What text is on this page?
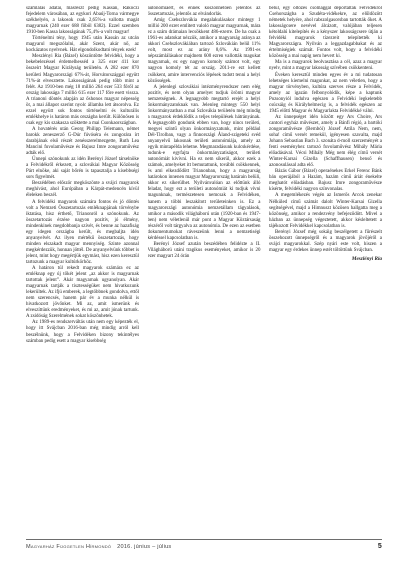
számlálás adatai, másrészt pedig Kassán, Rákóczi fejedelem városában, az egykori Abaúj-Torna vármegye székhelyén, a lakosok csak 2,65%-a vallotta magát magyarnak (240 ezer 688 főből 6382). Ezzel szemben 1910-ben Kassa lakosságának 75,4%-a volt magyar!

Történelmi tény, hogy 1945 után Kassán az utcán magyarul megszólalni, akár Szent, akár nő, az kockázatos nyelvnek. Hát elgondolkodtató tények ezek!

Meszlényi Ria (Bázel) köszöntötte felvidéki, hogy a bekebelezéssel érdemelhesséd a 325 ezer 411 kor összeírt Magyar Királyság területén. A 282 ezer 870 kerületi Magyarországi 67%-át, Horvátországgal együtt 71%-át elvesztette. Lakosságának pedig több mint a felét. Az 1910-ben még 18 millió 264 ezer 533 főről az ország lakossága 7 millió 615 ezer 117 főre esett vissza. A trianoni döntés alapján az őshonos magyar népesség öt, a mai állapot szerint nyolc államba lett átsorolva. Ez ezzel együtt sok fontos történelmi és kulturális emlékhelye is határon más országba került. Különösen is csak egy kis szakasza szöktette a mai Csonkaországban.

A hovatérés után Georg Philipp Telemann, német barokk zeneszerző G-Dúr fúvóséra és zongorára írt darabjának első részét zenésszerelmezgette, Ruth Lea Mancini fuvolaművésze és Bajusz Imre zongoraművész adták elő.

Ünnepi szónokunk az idén Berényi József társelnöke a Felvidékről érkezett, a szlovákiai Magyar Közösség Párt elnöke, aki saját bőrén is tapasztalja a kisebbségi sors figyelmét.

Beszédében először megköszönte a svájci magyarok meghívást, ahol Európában a Kárpát-medencén kívül éleleken beszél.

A felvidéki magyarok számára fontos és jó döntés volt a Nemzeti Összetartozás emléknapjának törvénybe iktatása, hisz érthető, Trianonról a szónokunk. Az összetartozás érzése nagyon pozitív, jó élmény, mindenkinek megdobbanja szívét, és benne az hazafiság egy idegen országba került, és megbaljta idén anyanyelvét. Az ilyen mértékű összetartozás, hogy minden elszakadt magyar mennyiség. Szinte azonnal megkérdezzük, honnan jöttél. De anyanyelvünk többet is jelent, mint hogy megértjük egymást, hisz ezen keresztül tartozunk a magyar kultúrkörhöz.

A határon túl rekedt magyarok számára ez az emléknap egy új tőkét jelent „az akkor is magyarnak tartottak jelent”. Akár magyarnak ugyanolyan. Akár magyarnak tartják a tisztességüket nem hivatkozunk lekerültek. Az ifjú emberek, a legtöbbnek gondolva, ettől nem szerencsés, hanem pár év a munka nélkül is hivatkozott jövőnket. Mi az, amit ismerünk és elveszíttünk eredményeket, és mi az, amit jónak tartunk. A zsidóság Szerelmének sokat köszönhetek.

Az 1989-es rendszerváltás után nem egy képezték el, hogy itt Svájcban 2016-ban még mindig arról kell beszélnünk, hogy a Felvidéken bizony tekintélyes számban pedig esett a magyar kisebbség

autonómiáért, és ennek köszönhetően jelentős az összetartozás, jelentős az elvándorlás.

Amíg Csehszlovákia megalakulásakor mintegy 1 millió 200 ezret emlitett valoló magyar magyarnak, mára ez a szám drámaian lecsökkent 486-ezerre. De ha csak a 1961-es adatokat nézzük, amikor a magyarság aránya az akkori Csehszlovákiában tartozó Szlovákián belül 11% volt, most ez az arány 8,6%. Az 1991-es népszámlálásakor majdnem 600 ezren vallották magukat magyarnak, ez egy nagyon komoly számot volt, egy nagyon komoly tét az ország. 2011-re ezt kellett csökkent, amire intervenciós lépések tudott tenni a helyi közösségek.

A jelenlegi szlovákiai intézményrendszer nem elég pozitív, és nem olyan amelyet tudjuk örömi magyar nemzetségnek. A legnagyobb megtartó erejét a helyi önkormányzatoknak van. Jelenleg mintegy 550 helyi önkormányzatban a mai Szlovákia területén még mindig a magyarok érdeklődik a teljes települések hátrányának. A legnagyobb gondunk ebben van, hogy nincs területi, megyei szintű olyan önkormányzatunk, mint például Dél-Tirolban, vagy a finnországi Åland-szigeteki svéd anyanyelvű lakosnak területi autonómiája, amely az egyik mintapélda lehetne. Megmaradásunk kulcskérdése, tudunk-e egyfajta önkormányzatiságot, területi autonómiát kivívni. Ha ez nem sikerül, akkor ezek a számok, amelyeket itt bemutattunk, további csökkennek, és ami elkezdődött Trianonban, hogy a magyarság határokon innenen magyar Magyarország határain belüli, akkor ez sikerülhet. Nyilvánvalóan az előttünk álló feladat, hogy ezt a területi autonómiát ki tudjuk vívni magunknak, természetesen nemcsak a Felvidéken, hanem a többi leszakított területeinken is. Ez a magyarországi autonómia nemzetállam tágyalások, amikor a második világháború után (1920-ban és 1947-ben) nem véletlenül már pont a Magyar Köztársaság részéről volt tárgyalva az autonómia. De ezen az esetben dokumentumokat ráveszeünk lenni a nemzetiségi kérdéssel kapcsolatban is.

Berényi József azután beszédében felidézte a II. Világháború utáni tragikus eseményeket, amikor is 20 ezer magyart 24 órán

belül, egy öltözés csomaggal deportáltak Felvidékről Csehországba a Szudéta-vidékekre, az elűldözött németek helyére, ahol rabszolgasorsban tartották őket. A lakosságcsere nevével álcázott, valójában teljesen kétoldalú kitelepítés és a kényszer lakosságcsere útján a felvidéki magyarok tízezreit telepítették ki Magyarországra. Nyilván a leggazdagabbakat és az értelmiségiek számát. Fontos volt, hogy a felvidéki közösség a mai napig nem hevert ki.

Ma is a magyarok beolvasztása a cél, azaz a magyar nyelv, mint a magyar lakosság szívében csökkenteni.

Éveken keresztül minden egyes év a mi tudatosan lehetséges kiemelni magunkat, az nem véletlen, hogy a magyar törvényben, kultúra szerves része a Felvidék, amely az igazán felbonyolódik, képe a kaptunk Pozsonyiól indulva egészen a Felvidéki legkeletebb csúcsáig és Királyhelmecig is, a felvidék egészen az 1945 előtti Magyar és Magyarlakta Felvidékké válni.

Az ünnepséget idén között egy Ars Choire, Ars cantori egyház művészet, amely a Bánfi régió, a bartóki zongoraművésze (Bernbói) József Attila Nem, nem, soha! című versét remekül, igényesen szavalta, majd Johann Sebastian Bach 3. szonáta d-moll szerzeményét a fenti eseményhez tartozó fuvolaművész Mihály Mária előadásával. Vécsi Mihály Még nem élég című versét Winter-Karsai Gizella (Schaffhausen) benső és azonosulással adta elő.

Bázás Gábor (Bázel) operaénekes Erkel Ferenc Bánk bán operájából a Hazám, hazám című áriát énekelte meghatót előadásban. Bajusz Imre zongoraművésze kísérte, felvidéki nagyon színvonalas.

A megemlékezés végén az Ismerős Arcok zenekar Nélküled című számát dalolt Winter-Karsai Gizella segítségével, majd a Himnuszt közösen hallgatta meg a közönség, amikor a rendezvény befejeződött. Mivel a házban az ünnepség végeztetett, akkor késleltetett a tájékozott Felvidékkel kapcsolatban is.

Berényi József még sokáig beszélgetett a fűrészelt összehozott ünnepségről és a magyarok jövőjéről a svájci magyarokkal. Szép nyári este volt, hiszen a magyar egy érdekes ünnep estét töltöttünk Svájcban.

Meszlényi Ria
Magyarház Független Hírmondó 2016. június – július	5
